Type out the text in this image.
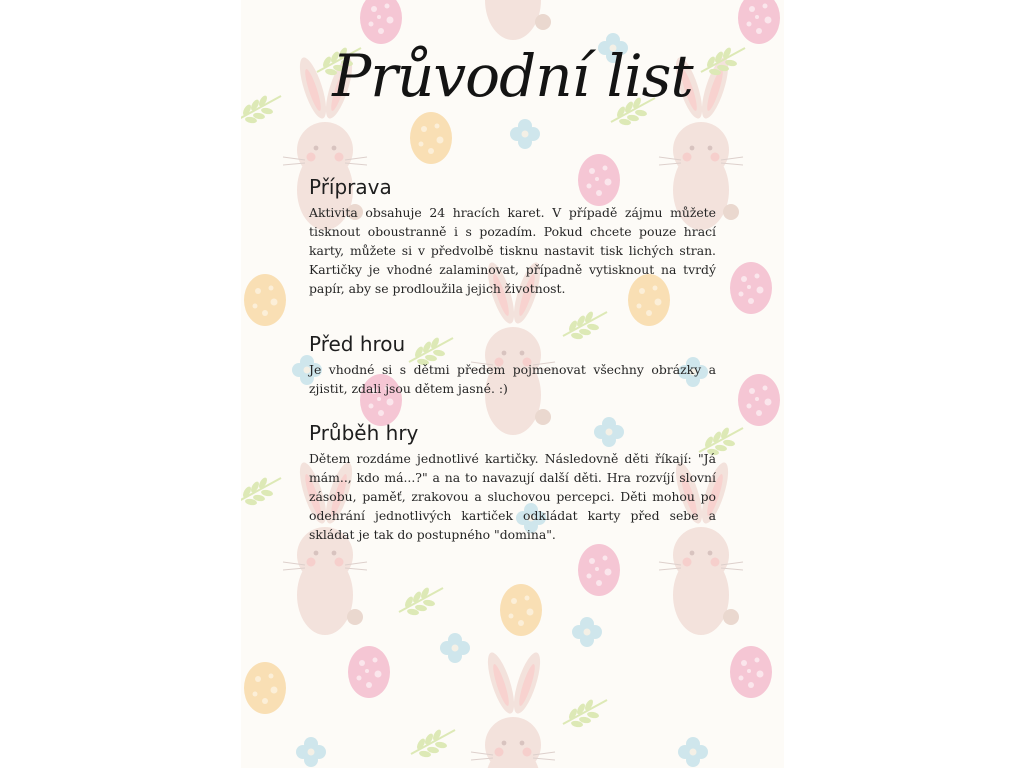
Průvodní list
Příprava

Aktivita obsahuje 24 hracích karet. V případě zájmu můžete tisknout oboustranně i s pozadím. Pokud chcete pouze hrací karty, můžete si v předvolbě tisknu nastavit tisk lichých stran. Kartičky je vhodné zalaminovat, případně vytisknout na tvrdý papír, aby se prodloužila jejich životnost.

Před hrou

Je vhodné si s dětmi předem pojmenovat všechny obrázky a zjistit, zdali jsou dětem jasné. :)

Průběh hry

Dětem rozdáme jednotlivé kartičky. Následovně děti říkají: "Já mám.., kdo má...?" a na to navazují další děti. Hra rozvíjí slovní zásobu, paměť, zrakovou a sluchovou percepci. Děti mohou po odehrání jednotlivých kartiček odkládat karty před sebe a skládat je tak do postupného "domina".
